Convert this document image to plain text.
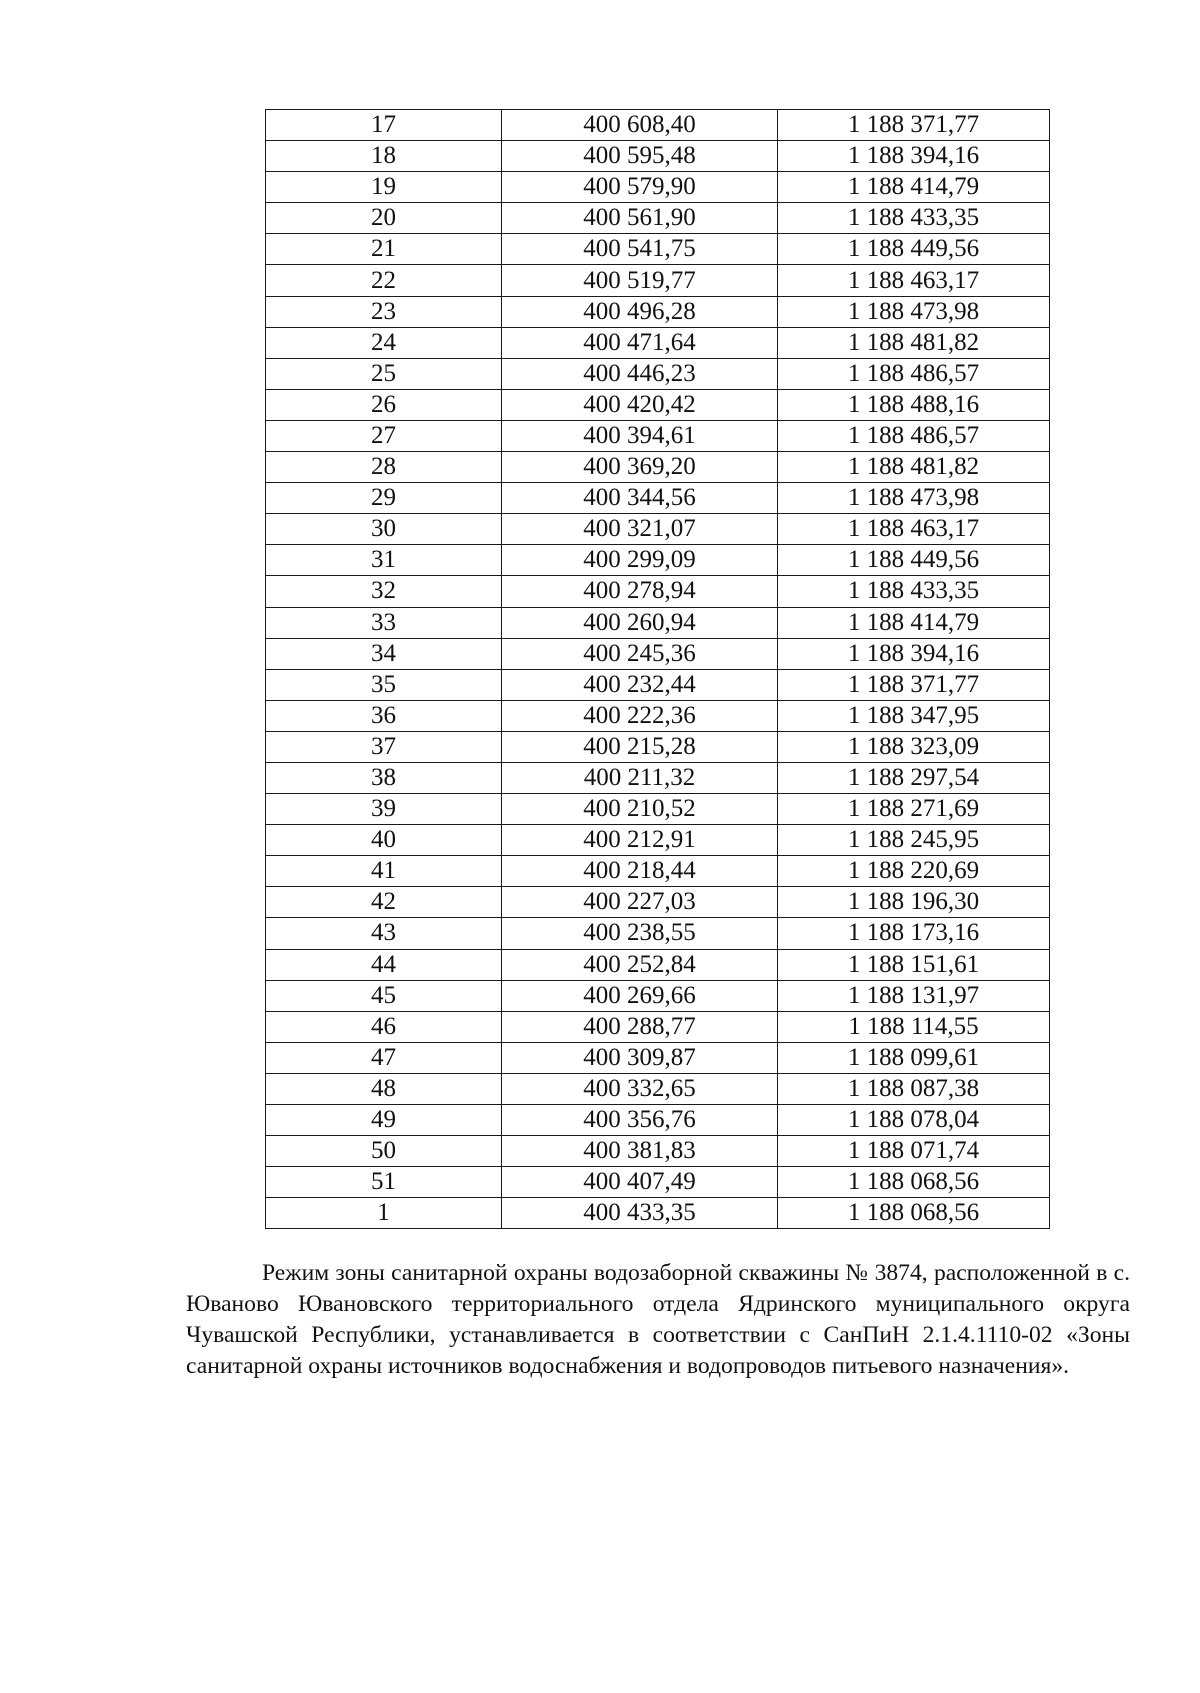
17	400 608,40	1 188 371,77
18	400 595,48	1 188 394,16
19	400 579,90	1 188 414,79
20	400 561,90	1 188 433,35
21	400 541,75	1 188 449,56
22	400 519,77	1 188 463,17
23	400 496,28	1 188 473,98
24	400 471,64	1 188 481,82
25	400 446,23	1 188 486,57
26	400 420,42	1 188 488,16
27	400 394,61	1 188 486,57
28	400 369,20	1 188 481,82
29	400 344,56	1 188 473,98
30	400 321,07	1 188 463,17
31	400 299,09	1 188 449,56
32	400 278,94	1 188 433,35
33	400 260,94	1 188 414,79
34	400 245,36	1 188 394,16
35	400 232,44	1 188 371,77
36	400 222,36	1 188 347,95
37	400 215,28	1 188 323,09
38	400 211,32	1 188 297,54
39	400 210,52	1 188 271,69
40	400 212,91	1 188 245,95
41	400 218,44	1 188 220,69
42	400 227,03	1 188 196,30
43	400 238,55	1 188 173,16
44	400 252,84	1 188 151,61
45	400 269,66	1 188 131,97
46	400 288,77	1 188 114,55
47	400 309,87	1 188 099,61
48	400 332,65	1 188 087,38
49	400 356,76	1 188 078,04
50	400 381,83	1 188 071,74
51	400 407,49	1 188 068,56
1	400 433,35	1 188 068,56

Режим зоны санитарной охраны водозаборной скважины № 3874, расположенной в с. Юваново Ювановского территориального отдела Ядринского муниципального округа Чувашской Республики, устанавливается в соответствии с СанПиН 2.1.4.1110-02 «Зоны санитарной охраны источников водоснабжения и водопроводов питьевого назначения».
